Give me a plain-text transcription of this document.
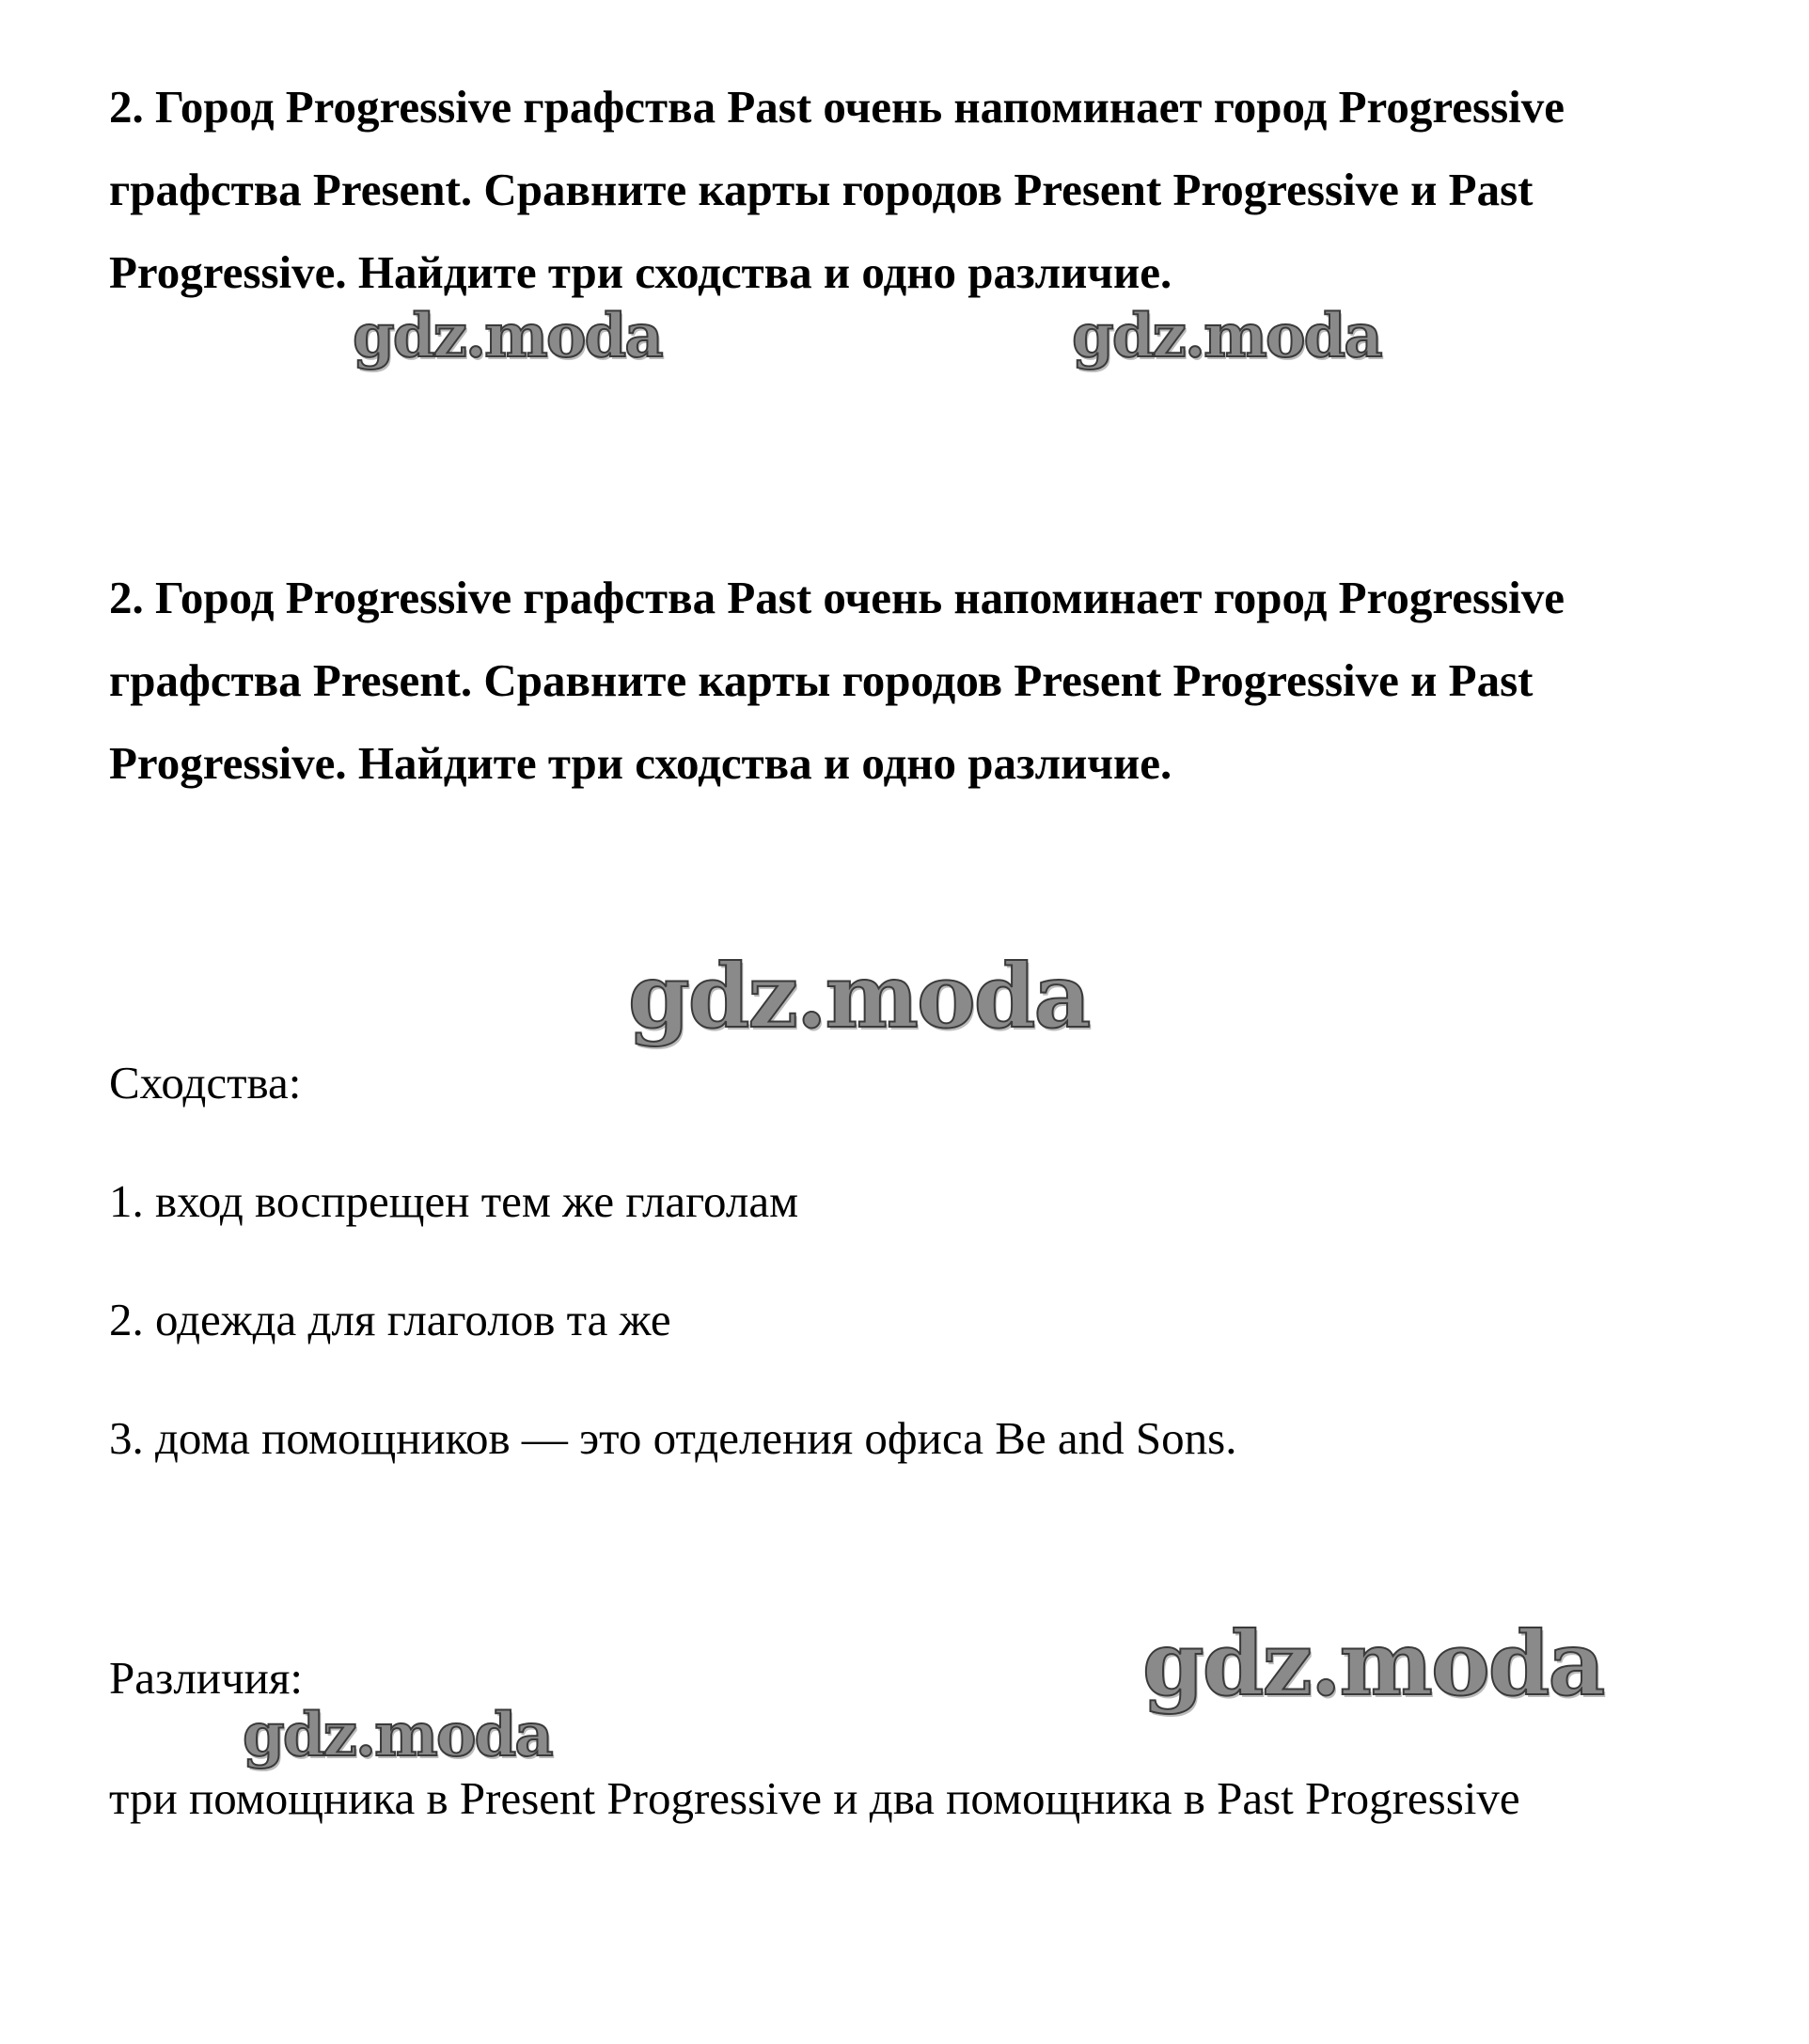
2. Город Progressive графства Past очень напоминает город Progressive графства Present. Сравните карты городов Present Progressive и Past Progressive. Найдите три сходства и одно различие.

2. Город Progressive графства Past очень напоминает город Progressive графства Present. Сравните карты городов Present Progressive и Past Progressive. Найдите три сходства и одно различие.

Сходства:

1. вход воспрещен тем же глаголам

2. одежда для глаголов та же

3. дома помощников — это отделения офиса Be and Sons.

Различия:

три помощника в Present Progressive и два помощника в Past Progressive

gdz.moda	gdz.moda
gdz.moda
gdz.moda
gdz.moda
